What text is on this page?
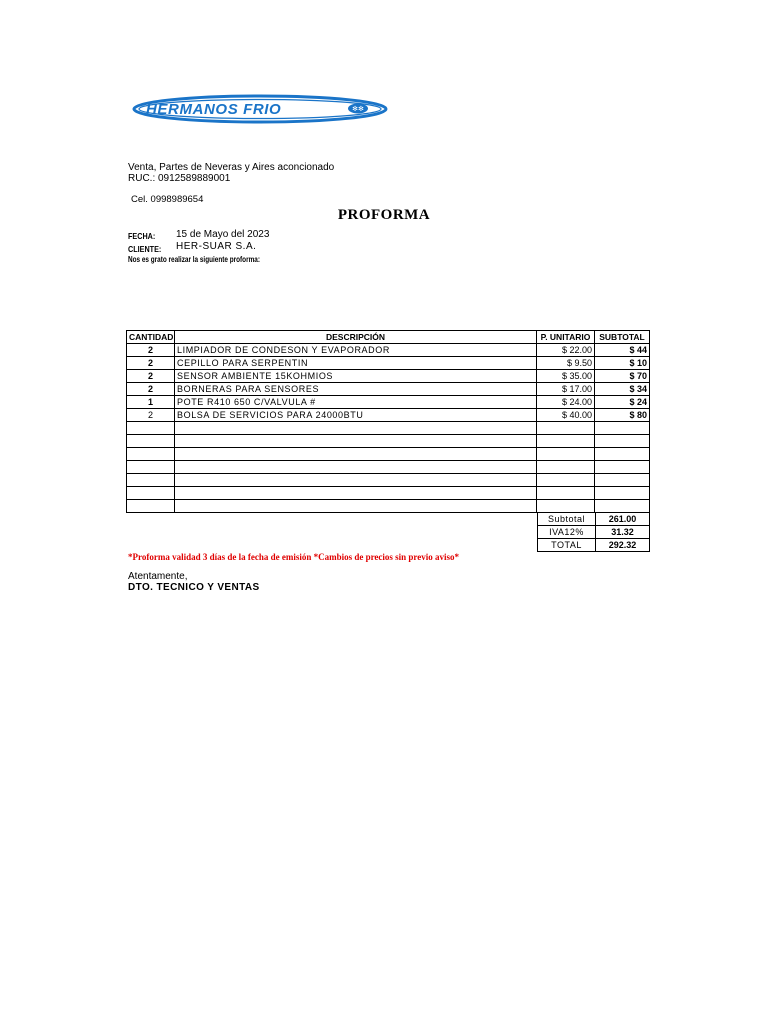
HERMANOS FRIO	✻✻
Venta, Partes de Neveras y Aires aconcionado
RUC.: 0912589889001
Cel. 0998989654
PROFORMA
FECHA: 15 de Mayo del 2023
CLIENTE: HER-SUAR S.A.
Nos es grato realizar la siguiente proforma:
CANTIDAD	DESCRIPCIÓN	P. UNITARIO	SUBTOTAL
2	LIMPIADOR DE CONDESON Y EVAPORADOR	$ 22.00	$ 44
2	CEPILLO PARA SERPENTIN	$ 9.50	$ 10
2	SENSOR AMBIENTE 15KOHMIOS	$ 35.00	$ 70
2	BORNERAS PARA SENSORES	$ 17.00	$ 34
1	POTE R410 650 C/VALVULA #	$ 24.00	$ 24
2	BOLSA DE SERVICIOS PARA 24000BTU	$ 40.00	$ 80

Subtotal	261.00
IVA12%	31.32
TOTAL	292.32
*Proforma validad 3 días de la fecha de emisión *Cambios de precios sin previo aviso*
Atentamente,
DTO. TECNICO Y VENTAS
